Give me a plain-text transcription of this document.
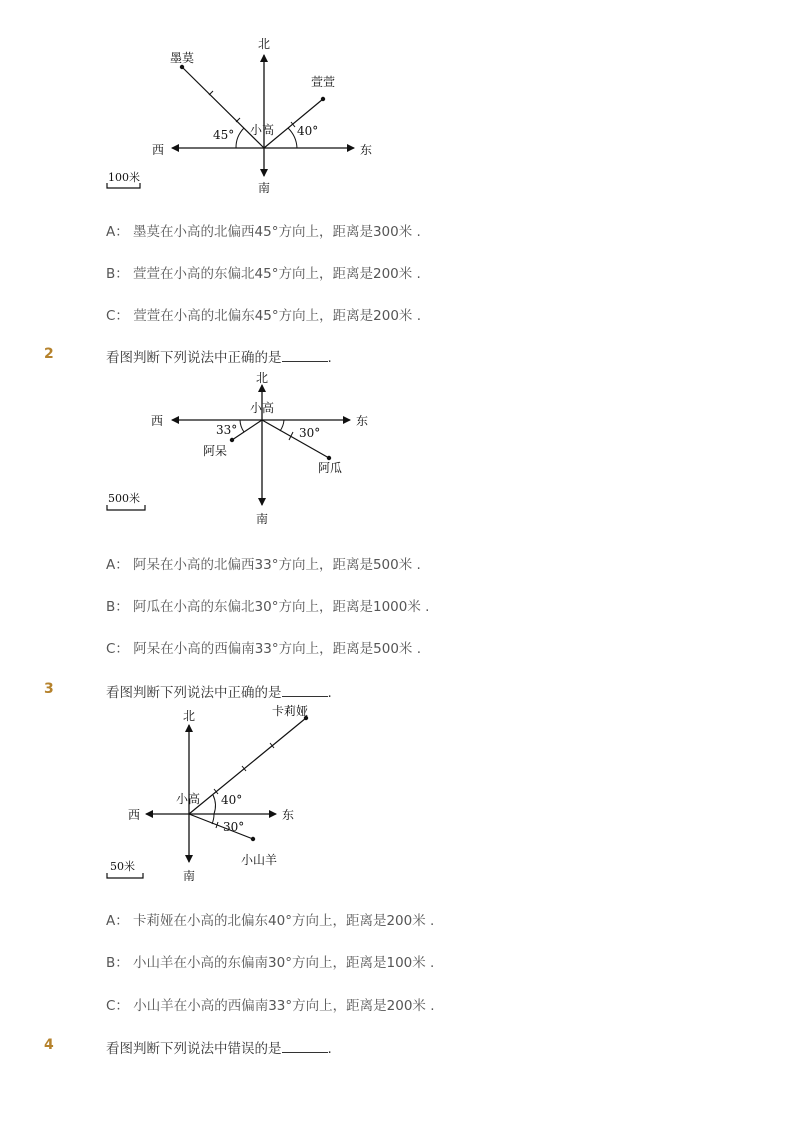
北
南
东
西
小高
墨莫
萱萱
45°	40°
100米
A： 墨莫在小高的北偏西45°方向上，距离是300米 .
B： 萱萱在小高的东偏北45°方向上，距离是200米 .
C： 萱萱在小高的北偏东45°方向上，距离是200米 .
2	看图判断下列说法中正确的是	.
北
南
东
西
小高
阿呆
阿瓜
33°	30°
500米
A： 阿呆在小高的北偏西33°方向上，距离是500米 .
B： 阿瓜在小高的东偏北30°方向上，距离是1000米 .
C： 阿呆在小高的西偏南33°方向上，距离是500米 .
3	看图判断下列说法中正确的是	.
北
南
东
西
小高
卡莉娅
小山羊
40°
30°
50米
A： 卡莉娅在小高的北偏东40°方向上，距离是200米 .
B： 小山羊在小高的东偏南30°方向上，距离是100米 .
C： 小山羊在小高的西偏南33°方向上，距离是200米 .
4	看图判断下列说法中错误的是	.
